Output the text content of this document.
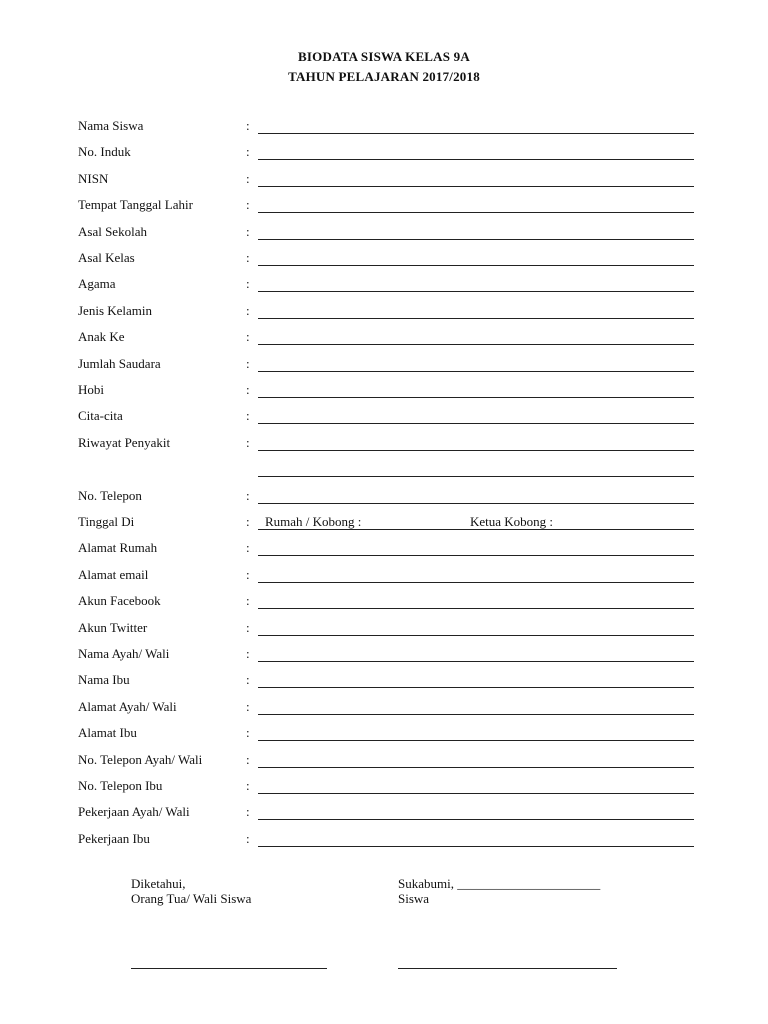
BIODATA SISWA KELAS 9A
TAHUN PELAJARAN 2017/2018
Nama Siswa	:
No. Induk	:
NISN	:
Tempat Tanggal Lahir	:
Asal Sekolah	:
Asal Kelas	:
Agama	:
Jenis Kelamin	:
Anak Ke	:
Jumlah Saudara	:
Hobi	:
Cita-cita	:
Riwayat Penyakit	:
No. Telepon	:
Tinggal Di	: Rumah / Kobong :	Ketua Kobong :
Alamat Rumah	:
Alamat email	:
Akun Facebook	:
Akun Twitter	:
Nama Ayah/ Wali	:
Nama Ibu	:
Alamat Ayah/ Wali	:
Alamat Ibu	:
No. Telepon Ayah/ Wali	:
No. Telepon Ibu	:
Pekerjaan Ayah/ Wali	:
Pekerjaan Ibu	:
Diketahui,
Orang Tua/ Wali Siswa
Sukabumi, ______________________
Siswa
